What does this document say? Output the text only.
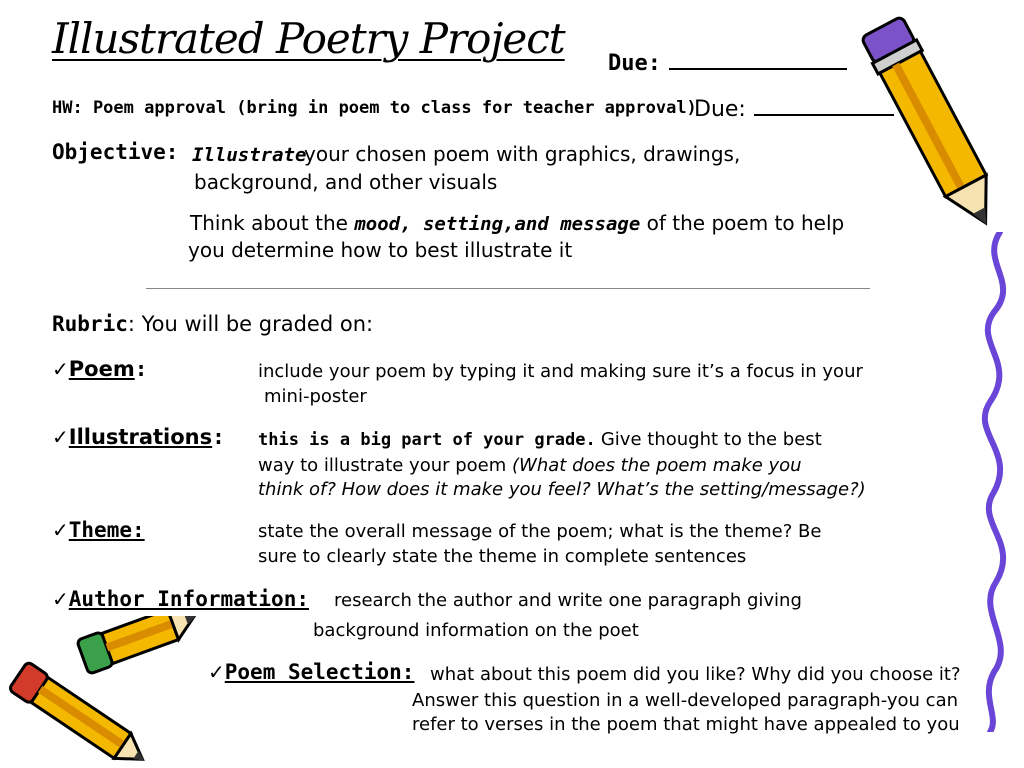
Illustrated Poetry Project
Due:
HW: Poem approval (bring in poem to class for teacher approval)
Due:
Objective: Illustrate
your chosen poem with graphics, drawings,
background, and other visuals
Think about the mood, setting,and message of the poem to help
you determine how to best illustrate it
Rubric: You will be graded on:
✓Poem:	include your poem by typing it and making sure it’s a focus in your
mini-poster
✓Illustrations: this is a big part of your grade. Give thought to the best
way to illustrate your poem (What does the poem make you
think of? How does it make you feel? What’s the setting/message?)
✓Theme:	state the overall message of the poem; what is the theme? Be
sure to clearly state the theme in complete sentences
✓Author Information: research the author and write one paragraph giving
background information on the poet
✓Poem Selection: what about this poem did you like? Why did you choose it?
Answer this question in a well-developed paragraph-you can
refer to verses in the poem that might have appealed to you
